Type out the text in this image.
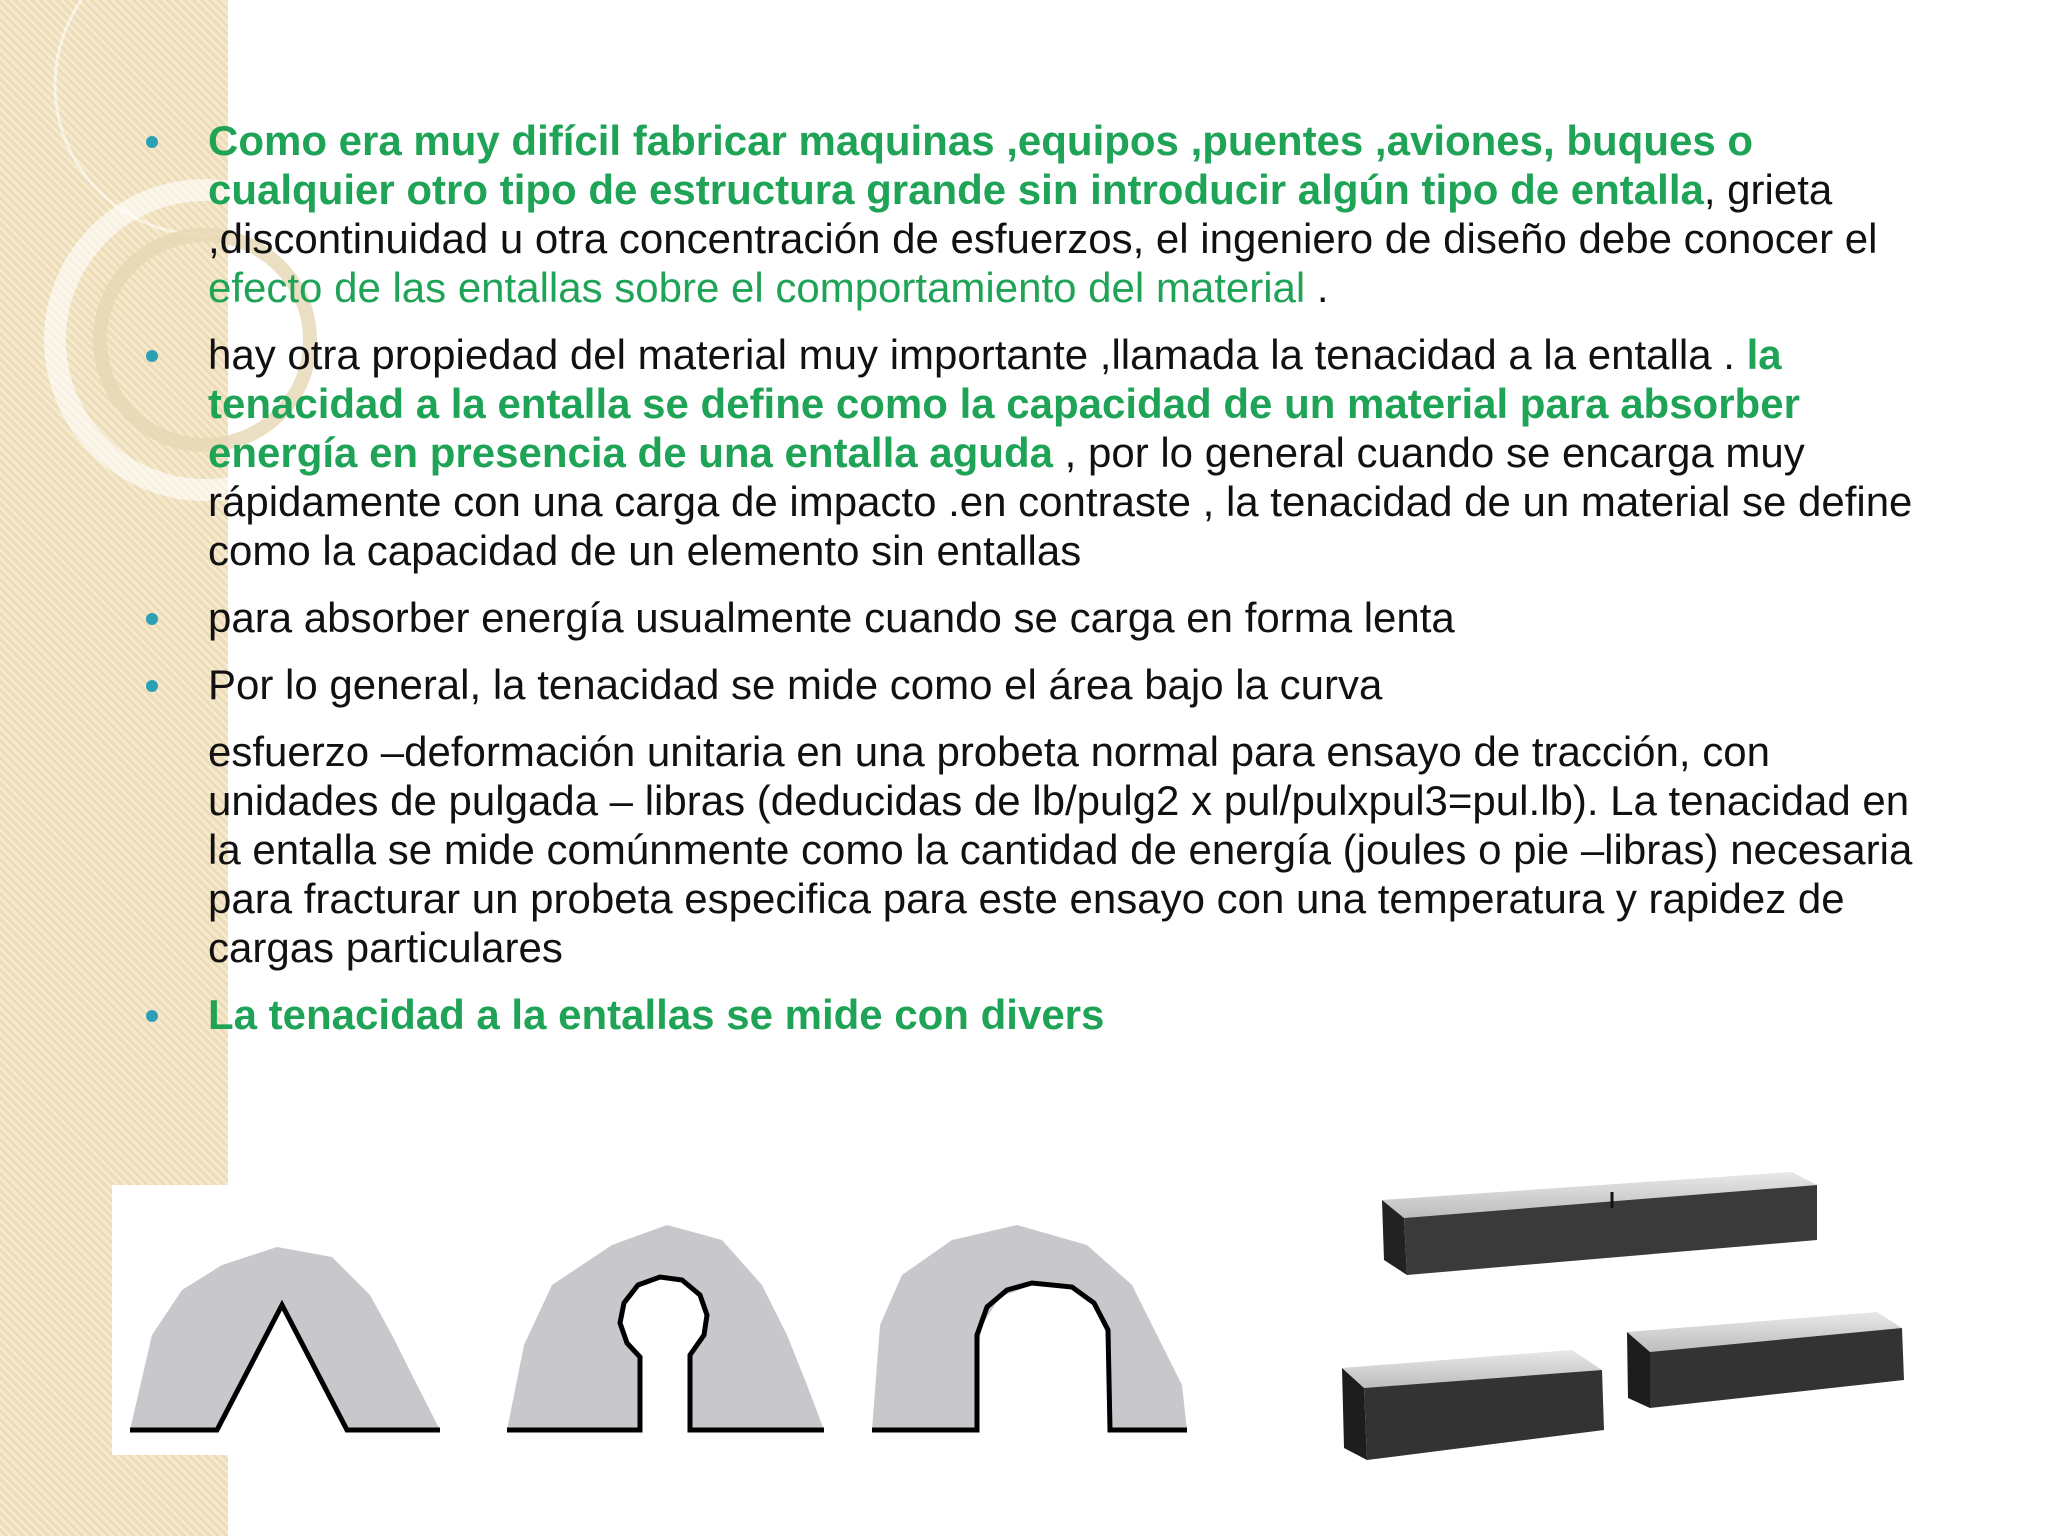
Como era muy difícil fabricar maquinas ,equipos ,puentes ,aviones, buques o cualquier otro tipo de estructura grande sin introducir algún tipo de entalla, grieta ,discontinuidad u otra concentración de esfuerzos, el ingeniero de diseño debe conocer el efecto de las entallas sobre el comportamiento del material .
hay otra propiedad del material muy importante ,llamada la tenacidad a la entalla . la tenacidad a la entalla se define como la capacidad de un material para absorber energía en presencia de una entalla aguda , por lo general cuando se encarga muy rápidamente con una carga de impacto .en contraste , la tenacidad de un material se define como la capacidad de un elemento sin entallas
para absorber energía usualmente cuando se carga en forma lenta
Por lo general, la tenacidad se mide como el área bajo la curva
esfuerzo –deformación unitaria en una probeta normal para ensayo de tracción, con unidades de pulgada – libras (deducidas de lb/pulg2 x pul/pulxpul3=pul.lb). La tenacidad en la entalla se mide comúnmente como la cantidad de energía (joules o pie –libras) necesaria para fracturar un probeta especifica para este ensayo con una temperatura y rapidez de cargas particulares
La tenacidad a la entallas se mide con divers
